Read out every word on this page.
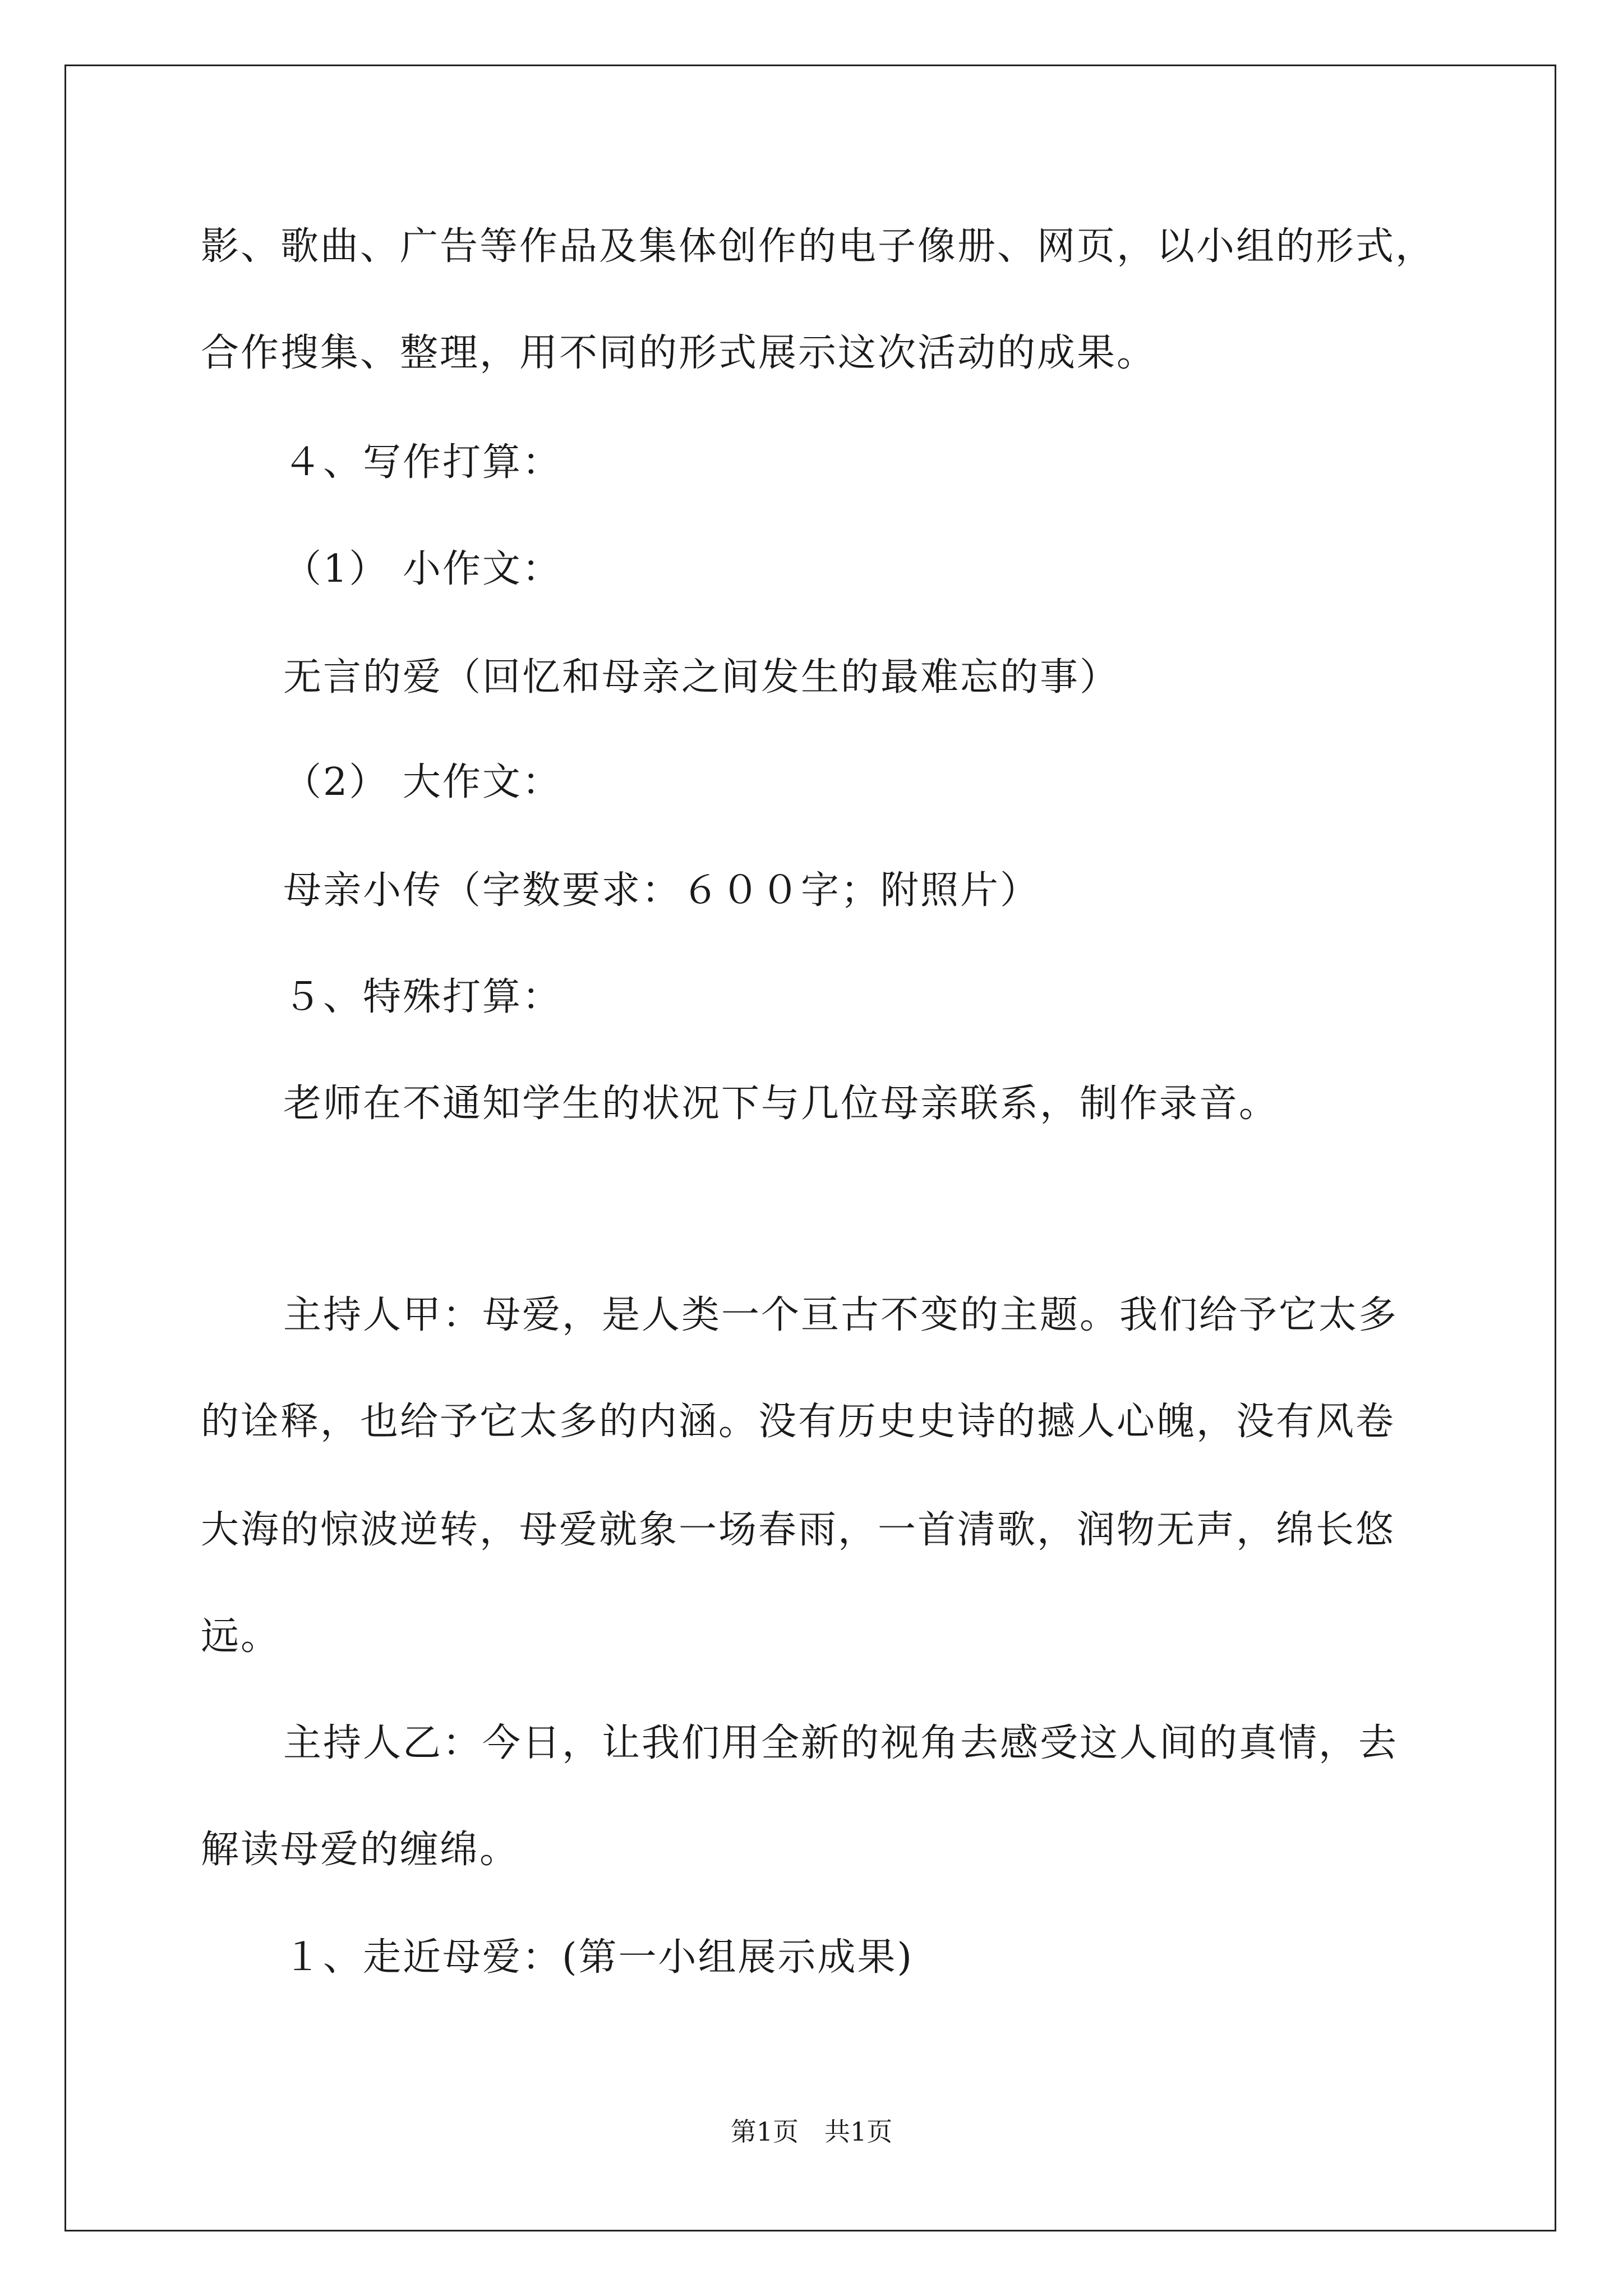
影、歌曲、广告等作品及集体创作的电子像册、网页，以小组的形式，
合作搜集、整理，用不同的形式展示这次活动的成果。
４、写作打算：
（1） 小作文：
无言的爱（回忆和母亲之间发生的最难忘的事）
（2） 大作文：
母亲小传（字数要求：６００字；附照片）
５、特殊打算：
老师在不通知学生的状况下与几位母亲联系，制作录音。
主持人甲：母爱，是人类一个亘古不变的主题。我们给予它太多
的诠释，也给予它太多的内涵。没有历史史诗的撼人心魄，没有风卷
大海的惊波逆转，母爱就象一场春雨，一首清歌，润物无声，绵长悠
远。
主持人乙：今日，让我们用全新的视角去感受这人间的真情，去
解读母爱的缠绵。
１、走近母爱：(第一小组展示成果)
第1页　共1页
